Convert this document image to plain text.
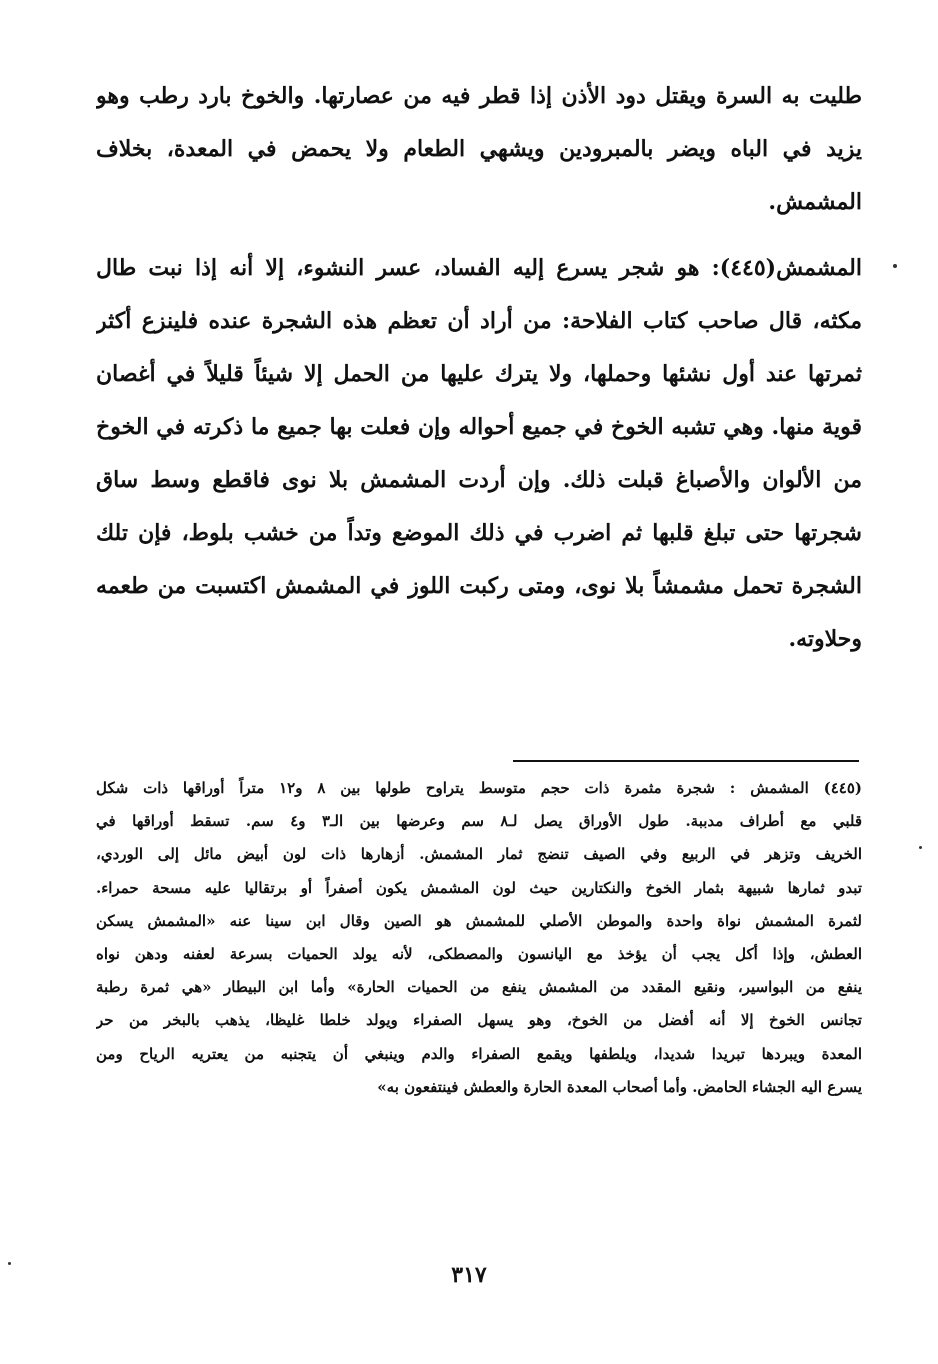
طليت به السرة ويقتل دود الأذن إذا قطر فيه من عصارتها. والخوخ بارد رطب وهو
يزيد في الباه ويضر بالمبرودين ويشهي الطعام ولا يحمض في المعدة، بخلاف
المشمش.
المشمش(٤٤٥): هو شجر يسرع إليه الفساد، عسر النشوء، إلا أنه إذا نبت طال
مكثه، قال صاحب كتاب الفلاحة: من أراد أن تعظم هذه الشجرة عنده فلينزع أكثر
ثمرتها عند أول نشئها وحملها، ولا يترك عليها من الحمل إلا شيئاً قليلاً في أغصان
قوية منها. وهي تشبه الخوخ في جميع أحواله وإن فعلت بها جميع ما ذكرته في الخوخ
من الألوان والأصباغ قبلت ذلك. وإن أردت المشمش بلا نوى فاقطع وسط ساق
شجرتها حتى تبلغ قلبها ثم اضرب في ذلك الموضع وتداً من خشب بلوط، فإن تلك
الشجرة تحمل مشمشاً بلا نوى، ومتى ركبت اللوز في المشمش اكتسبت من طعمه
وحلاوته.
(٤٤٥) المشمش : شجرة مثمرة ذات حجم متوسط يتراوح طولها بين ٨ و١٢ متراً أوراقها ذات شكل
قلبي مع أطراف مدببة. طول الأوراق يصل لـ٨ سم وعرضها بين الـ٣ و٤ سم. تسقط أوراقها في
الخريف وتزهر في الربيع وفي الصيف تنضج ثمار المشمش. أزهارها ذات لون أبيض مائل إلى الوردي،
تبدو ثمارها شبيهة بثمار الخوخ والنكتارين حيث لون المشمش يكون أصفراً أو برتقاليا عليه مسحة حمراء.
لثمرة المشمش نواة واحدة والموطن الأصلي للمشمش هو الصين وقال ابن سينا عنه «المشمش يسكن
العطش، وإذا أكل يجب أن يؤخذ مع اليانسون والمصطكى، لأنه يولد الحميات بسرعة لعفنه ودهن نواه
ينفع من البواسير، ونقيع المقدد من المشمش ينفع من الحميات الحارة» وأما ابن البيطار «هي ثمرة رطبة
تجانس الخوخ إلا أنه أفضل من الخوخ، وهو يسهل الصفراء ويولد خلطا غليظا، يذهب بالبخر من حر
المعدة ويبردها تبريدا شديدا، ويلطفها ويقمع الصفراء والدم وينبغي أن يتجنبه من يعتريه الرياح ومن
يسرع اليه الجشاء الحامض. وأما أصحاب المعدة الحارة والعطش فينتفعون به»
٣١٧
